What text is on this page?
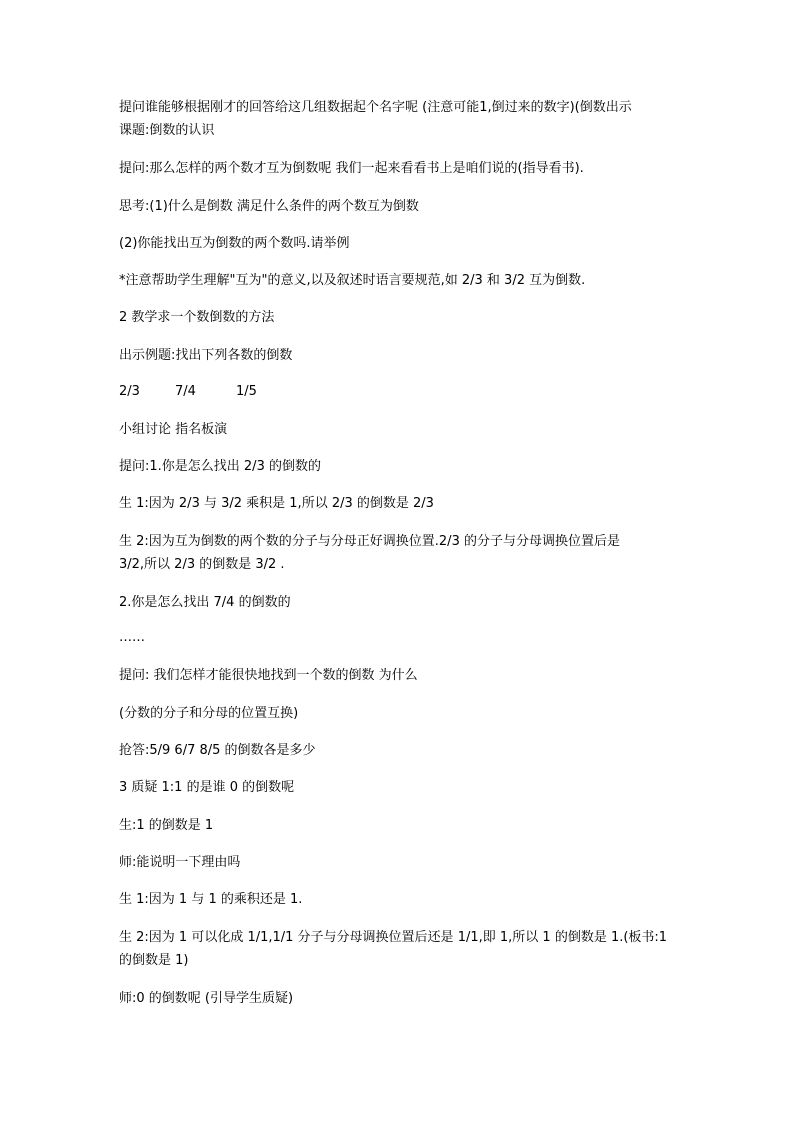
提问谁能够根据刚才的回答给这几组数据起个名字呢 (注意可能1,倒过来的数字)(倒数出示
课题:倒数的认识
提问:那么怎样的两个数才互为倒数呢 我们一起来看看书上是咱们说的(指导看书).
思考:(1)什么是倒数 满足什么条件的两个数互为倒数
(2)你能找出互为倒数的两个数吗.请举例
*注意帮助学生理解"互为"的意义,以及叙述时语言要规范,如 2/3 和 3/2 互为倒数.
2 教学求一个数倒数的方法
出示例题:找出下列各数的倒数
2/3	7/4	1/5
小组讨论 指名板演
提问:1.你是怎么找出 2/3 的倒数的
生 1:因为 2/3 与 3/2 乘积是 1,所以 2/3 的倒数是 2/3
生 2:因为互为倒数的两个数的分子与分母正好调换位置.2/3 的分子与分母调换位置后是
3/2,所以 2/3 的倒数是 3/2 .
2.你是怎么找出 7/4 的倒数的
……
提问: 我们怎样才能很快地找到一个数的倒数 为什么
(分数的分子和分母的位置互换)
抢答:5/9 6/7 8/5 的倒数各是多少
3 质疑 1:1 的是谁 0 的倒数呢
生:1 的倒数是 1
师:能说明一下理由吗
生 1:因为 1 与 1 的乘积还是 1.
生 2:因为 1 可以化成 1/1,1/1 分子与分母调换位置后还是 1/1,即 1,所以 1 的倒数是 1.(板书:1
的倒数是 1)
师:0 的倒数呢 (引导学生质疑)
